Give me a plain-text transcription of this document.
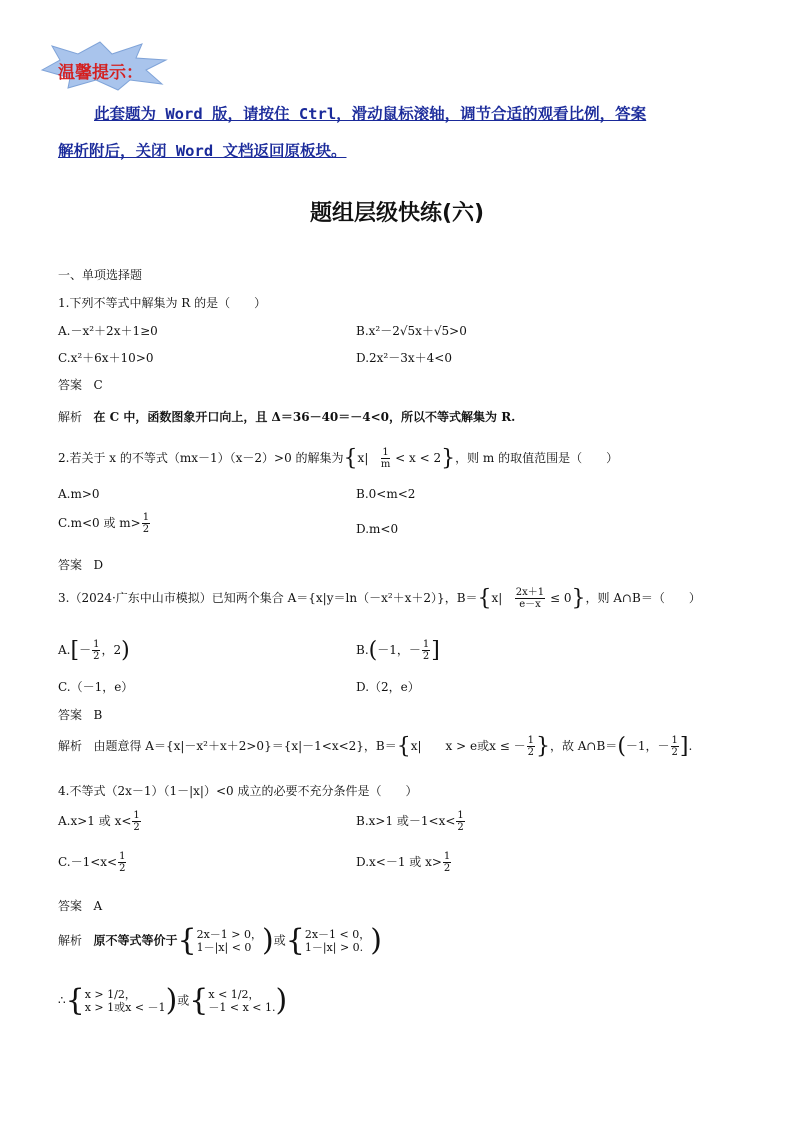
温馨提示：
此套题为 Word 版，请按住 Ctrl，滑动鼠标滚轴，调节合适的观看比例，答案
解析附后，关闭 Word 文档返回原板块。
题组层级快练(六)
一、单项选择题
1.下列不等式中解集为 R 的是（　　）
A.－x²＋2x＋1≥0	B.x²－2√5x＋√5>0
C.x²＋6x＋10>0	D.2x²－3x＋4<0
答案 C
解析 在 C 中，函数图象开口向上，且 Δ＝36－40＝－4<0，所以不等式解集为 R.
2.若关于 x 的不等式（mx－1）（x－2）>0 的解集为$\{x| \frac{1}{m} < x < 2\}$，则 m 的取值范围是（　　）
A.m>0	B.0<m<2
C.m<0 或 $m> \frac{1}{2}$	D.m<0
答案 D
3.（2024·广东中山市模拟）已知两个集合 A＝{x|y＝ln（－x²＋x＋2）}，$B=\{x| \frac{2x+1}{e-x} \le 0\}$，则 A∩B＝（　　）
$A.[- \frac{1}{2}$ ，2)	B.(－1，－ $\frac{1}{2}$ ]
C.（－1，e）	D.（2，e）
答案 B
解析 由题意得 A＝{x|－x²＋x＋2>0}＝{x|－1<x<2}，B＝{x|　　x > e或x ≤ － $\frac{1}{2}$ }，故 A∩B＝(－1，－ $\frac{1}{2}$ ].
4.不等式（2x－1）（1－|x|）<0 成立的必要不充分条件是（　　）
A.x>1 或 $x< \frac{1}{2}$	B.x>1 或$-1<x< \frac{1}{2}$
$C.-1<x< \frac{1}{2}$	D.x<－1 或 $x> \frac{1}{2}$
答案 A
解析 原不等式等价于{2x－1 > 0，
1－|x| < 0 )或{2x－1 < 0，
1－|x| > 0. )
∴{x > 1/2，
x > 1或x < －1)或{x < 1/2，
－1 < x < 1.)
